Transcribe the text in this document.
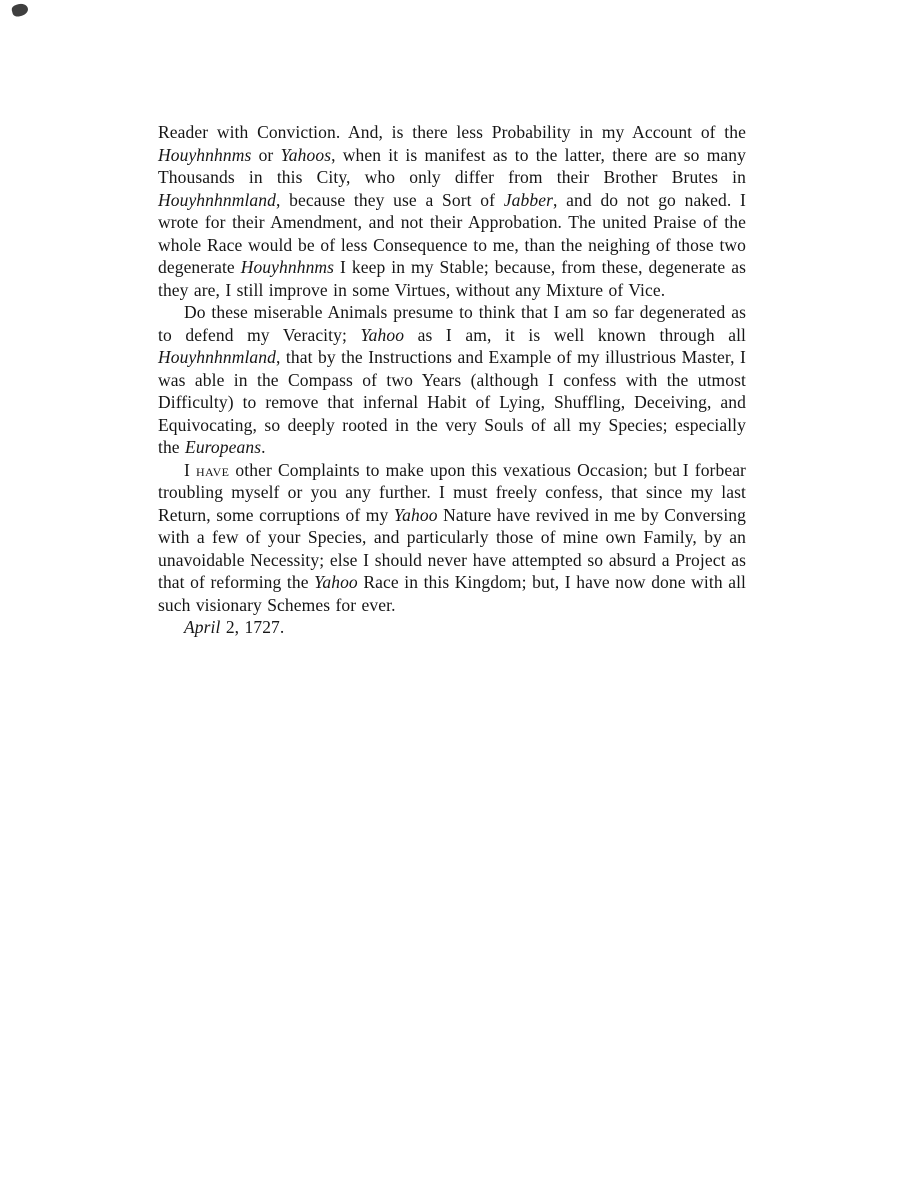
Reader with Conviction. And, is there less Probability in my Account of the Houyhnhnms or Yahoos, when it is manifest as to the latter, there are so many Thousands in this City, who only differ from their Brother Brutes in Houyhnhnmland, because they use a Sort of Jabber, and do not go naked. I wrote for their Amendment, and not their Approbation. The united Praise of the whole Race would be of less Consequence to me, than the neighing of those two degenerate Houyhnhnms I keep in my Stable; because, from these, degenerate as they are, I still improve in some Virtues, without any Mixture of Vice.

Do these miserable Animals presume to think that I am so far degenerated as to defend my Veracity; Yahoo as I am, it is well known through all Houyhnhnmland, that by the Instructions and Example of my illustrious Master, I was able in the Compass of two Years (although I confess with the utmost Difficulty) to remove that infernal Habit of Lying, Shuffling, Deceiving, and Equivocating, so deeply rooted in the very Souls of all my Species; especially the Europeans.

I have other Complaints to make upon this vexatious Occasion; but I forbear troubling myself or you any further. I must freely confess, that since my last Return, some corruptions of my Yahoo Nature have revived in me by Conversing with a few of your Species, and particularly those of mine own Family, by an unavoidable Necessity; else I should never have attempted so absurd a Project as that of reforming the Yahoo Race in this Kingdom; but, I have now done with all such visionary Schemes for ever.

April 2, 1727.
